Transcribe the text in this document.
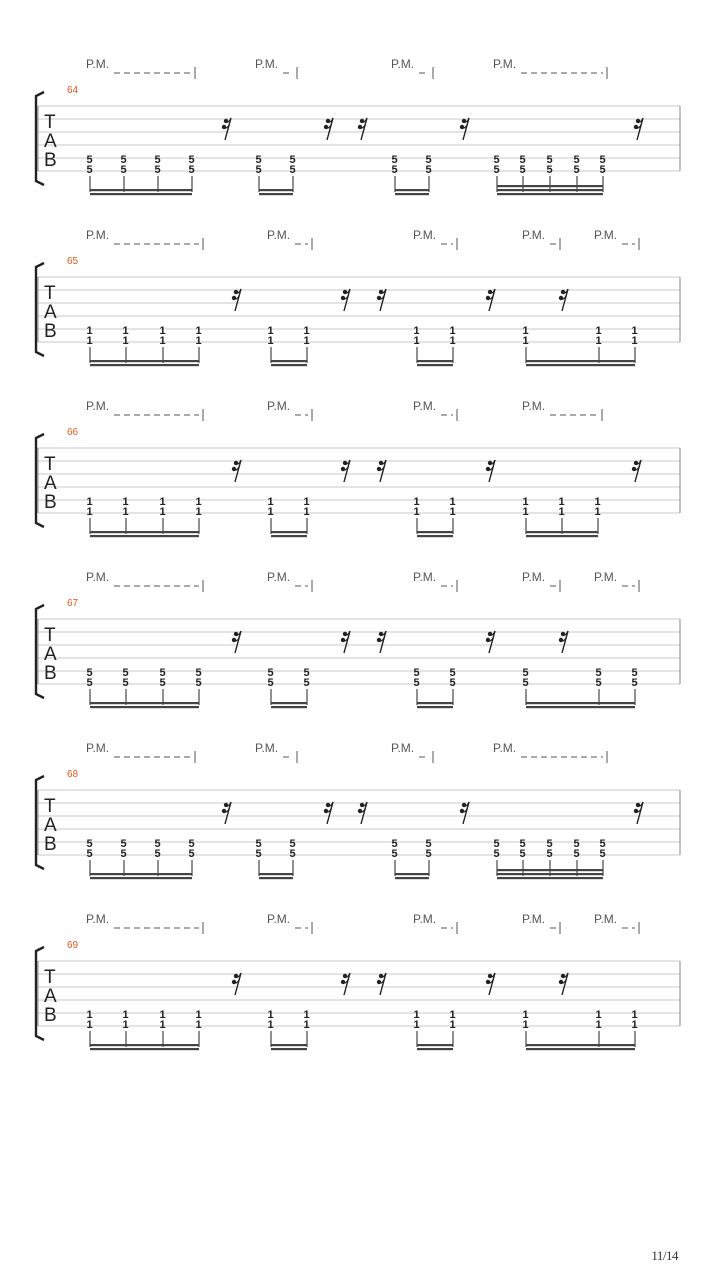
P.M.	P.M.	P.M.	P.M.
64
T
A
B	5
5
5
5
5
5
5
5
5
5
5
5
5
5
5
5
5
5
5
5
5
5
5
5
5
5
P.M.	P.M.	P.M.	P.M.	P.M.
65
T
A
B	1
1
1
1
1
1
1
1
1
1
1
1
1
1
1
1
1
1
1
1
1
1
P.M.	P.M.	P.M.	P.M.
66
T
A
B	1
1
1
1
1
1
1
1
1
1
1
1
1
1
1
1
1
1
1
1
1
1
P.M.	P.M.	P.M.	P.M.	P.M.
67
T
A
B	5
5
5
5
5
5
5
5
5
5
5
5
5
5
5
5
5
5
5
5
5
5
P.M.	P.M.	P.M.	P.M.
68
T
A
B	5
5
5
5
5
5
5
5
5
5
5
5
5
5
5
5
5
5
5
5
5
5
5
5
5
5
P.M.	P.M.	P.M.	P.M.	P.M.
69
T
A
B	1
1
1
1
1
1
1
1
1
1
1
1
1
1
1
1
1
1
1
1
1
1
11/14
